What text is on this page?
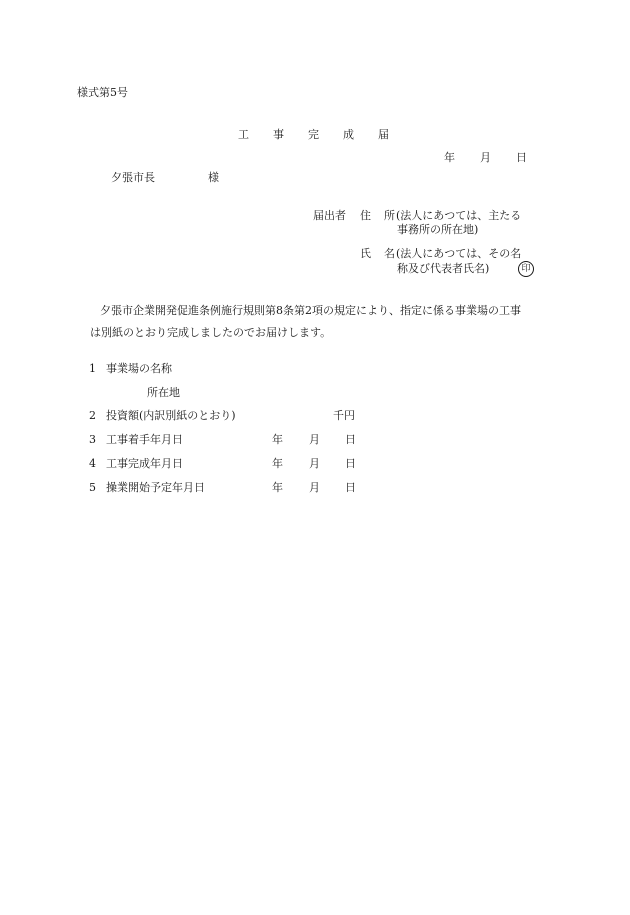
様式第5号
工 事 完 成 届
年 月 日
夕張市長	様
届出者 住 所 (法人にあつては、主たる
事務所の所在地)
氏 名 (法人にあつては、その名
称及び代表者氏名)	印
夕張市企業開発促進条例施行規則第8条第2項の規定により、指定に係る事業場の工事
は別紙のとおり完成しましたのでお届けします。
1 事業場の名称
所在地
2 投資額(内訳別紙のとおり)	千円
3 工事着手年月日	年 月 日
4 工事完成年月日	年 月 日
5 操業開始予定年月日	年 月 日
